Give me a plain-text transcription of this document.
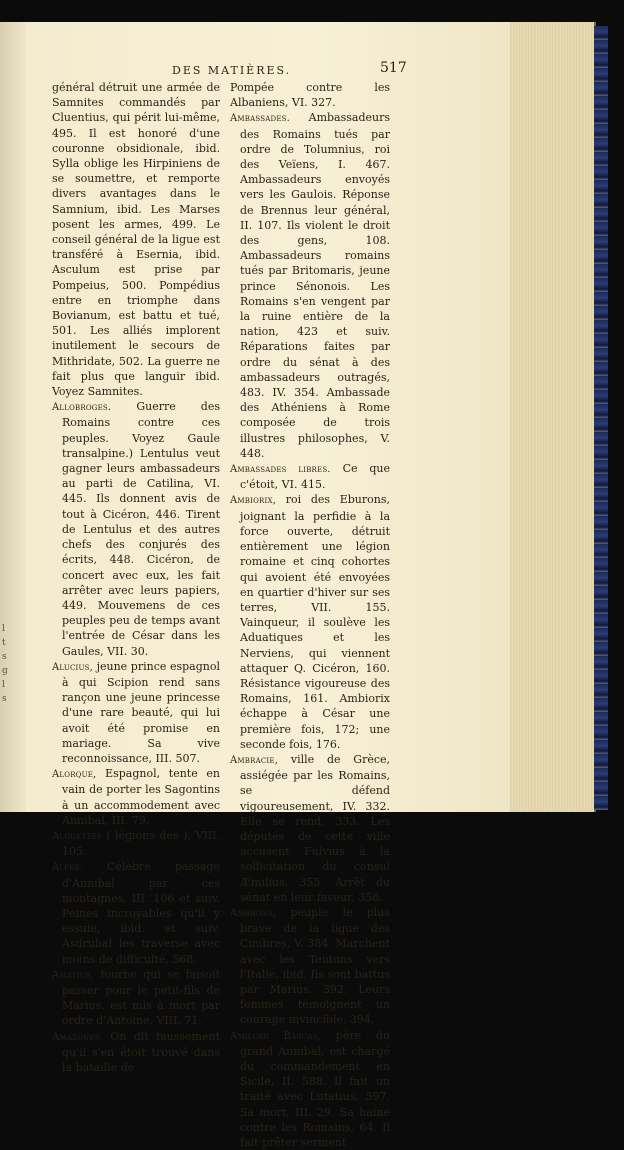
l
t
s
g
l
s
DES MATIÈRES.	517

général détruit une armée de Samnites commandés par Cluentius, qui périt lui-même, 495. Il est honoré d'une couronne obsidionale, ibid. Sylla oblige les Hirpiniens de se soumettre, et remporte divers avantages dans le Samnium, ibid. Les Marses posent les armes, 499. Le conseil général de la ligue est transféré à Esernia, ibid. Asculum est prise par Pompeius, 500. Pompédius entre en triomphe dans Bovianum, est battu et tué, 501. Les alliés implorent inutilement le secours de Mithridate, 502. La guerre ne fait plus que languir ibid. Voyez Samnites.

Allobroges. Guerre des Romains contre ces peuples. Voyez Gaule transalpine.) Lentulus veut gagner leurs ambassadeurs au parti de Catilina, VI. 445. Ils donnent avis de tout à Cicéron, 446. Tirent de Lentulus et des autres chefs des conjurés des écrits, 448. Cicéron, de concert avec eux, les fait arrêter avec leurs papiers, 449. Mouvemens de ces peuples peu de temps avant l'entrée de César dans les Gaules, VII. 30.

Alucius, jeune prince espagnol à qui Scipion rend sans rançon une jeune princesse d'une rare beauté, qui lui avoit été promise en mariage. Sa vive reconnoissance, III. 507.

Alorque, Espagnol, tente en vain de porter les Sagontins à un accommodement avec Annibal, III. 79.

Alouettes ( légions des ), VIII. 105.

Alpes. Célèbre passage d'Annibal par ces montagnes, III. 106 et suiv. Peines incroyables qu'il y essuie, ibid. et suiv. Asdrubal les traverse avec moins de difficulté, 568.

Amatius, fourbe qui se faisoit passer pour le petit-fils de Marius, est mis à mort par ordre d'Antoine, VIII. 71.

Amazones. On dit faussement qu'il s'en étoit trouvé dans la bataille de

Pompée contre les Albaniens, VI. 327.

Ambassades. Ambassadeurs des Romains tués par ordre de Tolumnius, roi des Veïens, I. 467. Ambassadeurs envoyés vers les Gaulois. Réponse de Brennus leur général, II. 107. Ils violent le droit des gens, 108. Ambassadeurs romains tués par Britomaris, jeune prince Sénonois. Les Romains s'en vengent par la ruine entière de la nation, 423 et suiv. Réparations faites par ordre du sénat à des ambassadeurs outragés, 483. IV. 354. Ambassade des Athéniens à Rome composée de trois illustres philosophes, V. 448.

Ambassades libres. Ce que c'étoit, VI. 415.

Ambiorix, roi des Eburons, joignant la perfidie à la force ouverte, détruit entièrement une légion romaine et cinq cohortes qui avoient été envoyées en quartier d'hiver sur ses terres, VII. 155. Vainqueur, il soulève les Aduatiques et les Nerviens, qui viennent attaquer Q. Cicéron, 160. Résistance vigoureuse des Romains, 161. Ambiorix échappe à César une première fois, 172; une seconde fois, 176.

Ambracie, ville de Grèce, assiégée par les Romains, se défend vigoureusement, IV. 332. Elle se rend, 333. Les députés de cette ville accusent Fulvius à la sollicitation du consul Æmilius, 355. Arrêt du sénat en leur faveur, 356.

Ambrons, peuple le plus brave de la ligue des Cimbres, V. 384. Marchent avec les Teutons vers l'Italie, ibid. Ils sont battus par Marius, 392. Leurs femmes témoignent un courage invincible, 394.

Amilcar Barcas, père du grand Annibal, est chargé du commandement en Sicile, II. 588. Il fait un traité avec Lutatius, 597. Sa mort, III. 29. Sa haine contre les Romains, 64. Il fait prêter serment
